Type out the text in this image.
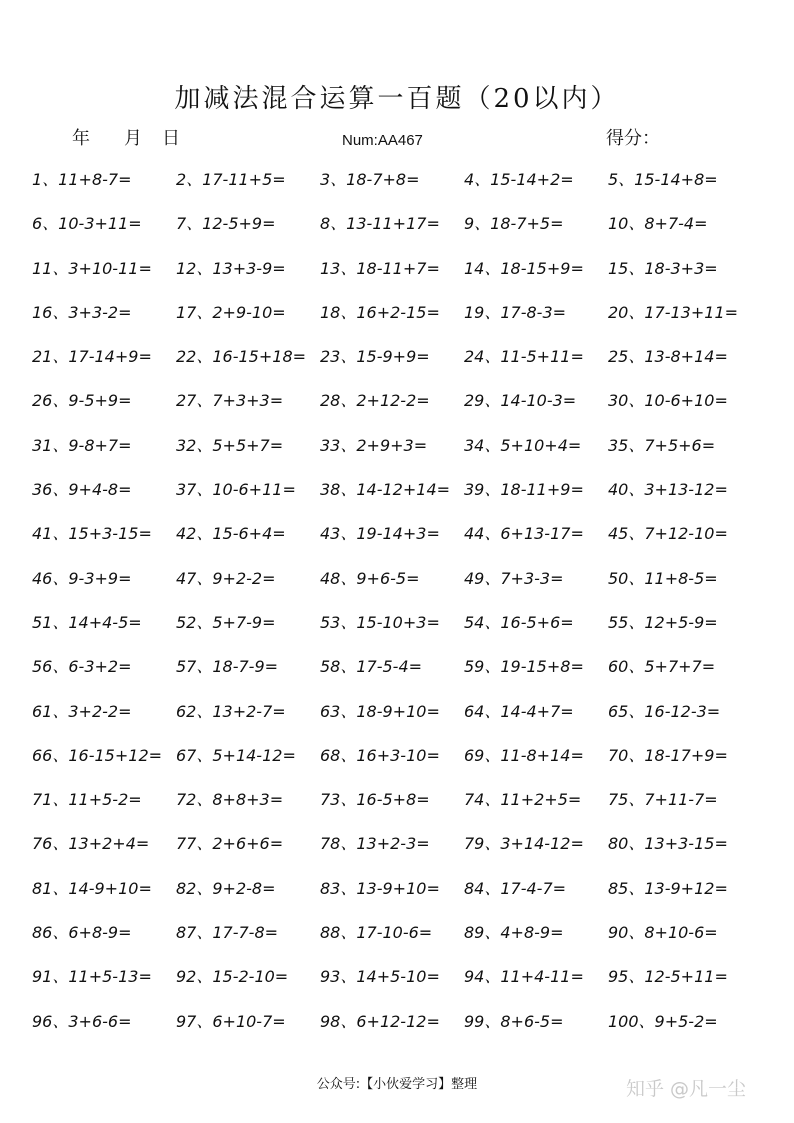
加减法混合运算一百题（20以内）
年 月 日	Num:AA467	得分：
1、11+8-7=	2、17-11+5=	3、18-7+8=	4、15-14+2=	5、15-14+8=
6、10-3+11=	7、12-5+9=	8、13-11+17=	9、18-7+5=	10、8+7-4=
11、3+10-11=	12、13+3-9=	13、18-11+7=	14、18-15+9=	15、18-3+3=
16、3+3-2=	17、2+9-10=	18、16+2-15=	19、17-8-3=	20、17-13+11=
21、17-14+9=	22、16-15+18= 23、15-9+9=	24、11-5+11=	25、13-8+14=
26、9-5+9=	27、7+3+3=	28、2+12-2=	29、14-10-3=	30、10-6+10=
31、9-8+7=	32、5+5+7=	33、2+9+3=	34、5+10+4=	35、7+5+6=
36、9+4-8=	37、10-6+11=	38、14-12+14= 39、18-11+9=	40、3+13-12=
41、15+3-15=	42、15-6+4=	43、19-14+3=	44、6+13-17=	45、7+12-10=
46、9-3+9=	47、9+2-2=	48、9+6-5=	49、7+3-3=	50、11+8-5=
51、14+4-5=	52、5+7-9=	53、15-10+3=	54、16-5+6=	55、12+5-9=
56、6-3+2=	57、18-7-9=	58、17-5-4=	59、19-15+8=	60、5+7+7=
61、3+2-2=	62、13+2-7=	63、18-9+10=	64、14-4+7=	65、16-12-3=
66、16-15+12= 67、5+14-12=	68、16+3-10=	69、11-8+14=	70、18-17+9=
71、11+5-2=	72、8+8+3=	73、16-5+8=	74、11+2+5=	75、7+11-7=
76、13+2+4=	77、2+6+6=	78、13+2-3=	79、3+14-12=	80、13+3-15=
81、14-9+10=	82、9+2-8=	83、13-9+10=	84、17-4-7=	85、13-9+12=
86、6+8-9=	87、17-7-8=	88、17-10-6=	89、4+8-9=	90、8+10-6=
91、11+5-13=	92、15-2-10=	93、14+5-10=	94、11+4-11=	95、12-5+11=
96、3+6-6=	97、6+10-7=	98、6+12-12=	99、8+6-5=	100、9+5-2=
公众号:【小伙爱学习】整理	知乎 @凡一尘
